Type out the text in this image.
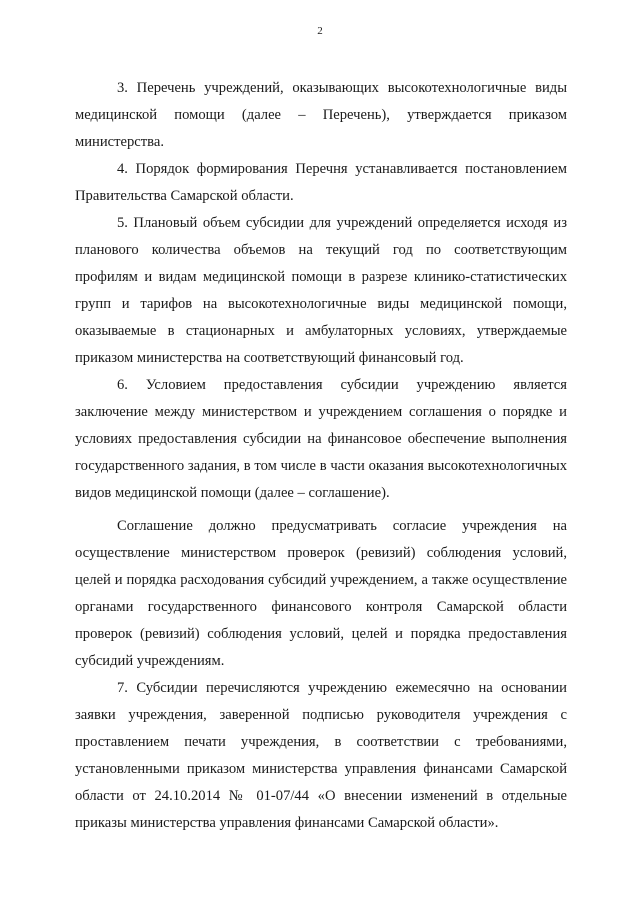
2

3. Перечень учреждений, оказывающих высокотехнологичные виды медицинской помощи (далее – Перечень), утверждается приказом министерства.

4. Порядок формирования Перечня устанавливается постановлением Правительства Самарской области.

5. Плановый объем субсидии для учреждений определяется исходя из планового количества объемов на текущий год по соответствующим профилям и видам медицинской помощи в разрезе клинико-статистических групп и тарифов на высокотехнологичные виды медицинской помощи, оказываемые в стационарных и амбулаторных условиях, утверждаемые приказом министерства на соответствующий финансовый год.

6. Условием предоставления субсидии учреждению является заключение между министерством и учреждением соглашения о порядке и условиях предоставления субсидии на финансовое обеспечение выполнения государственного задания, в том числе в части оказания высокотехнологичных видов медицинской помощи (далее – соглашение).

Соглашение должно предусматривать согласие учреждения на осуществление министерством проверок (ревизий) соблюдения условий, целей и порядка расходования субсидий учреждением, а также осуществление органами государственного финансового контроля Самарской области проверок (ревизий) соблюдения условий, целей и порядка предоставления субсидий учреждениям.

7. Субсидии перечисляются учреждению ежемесячно на основании заявки учреждения, заверенной подписью руководителя учреждения с проставлением печати учреждения, в соответствии с требованиями, установленными приказом министерства управления финансами Самарской области от 24.10.2014 № 01-07/44 «О внесении изменений в отдельные приказы министерства управления финансами Самарской области».
